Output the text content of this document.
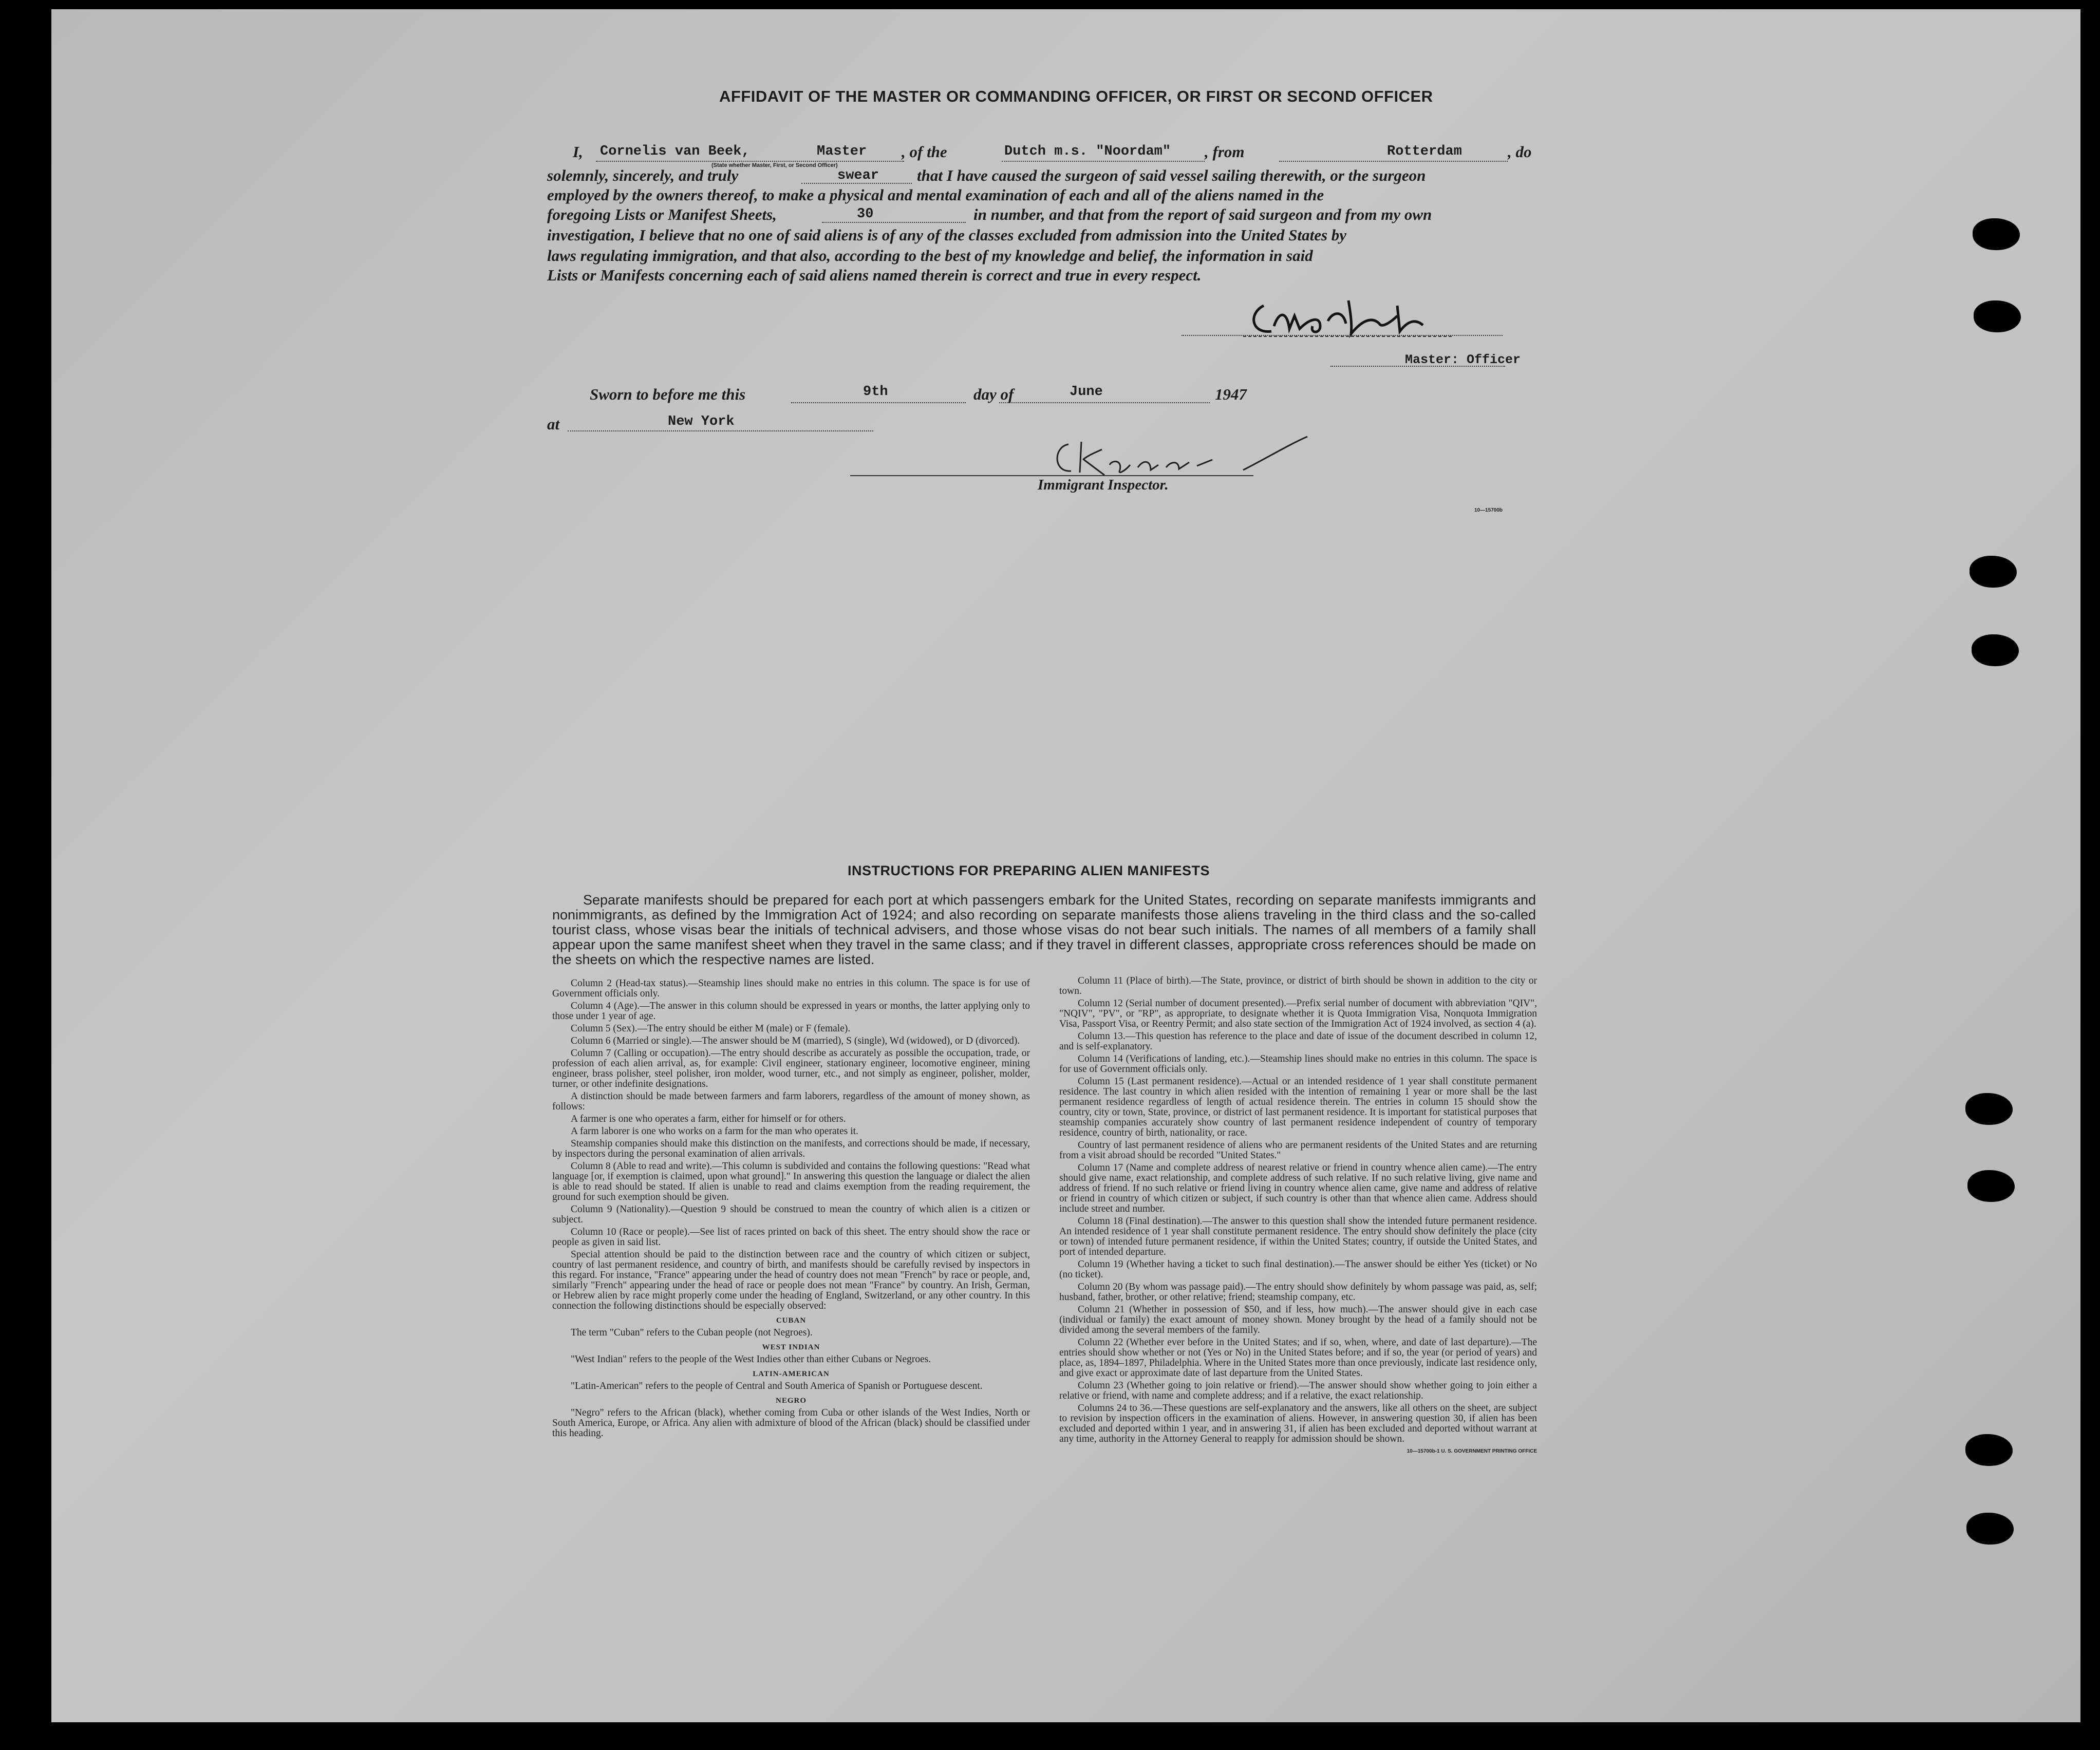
AFFIDAVIT OF THE MASTER OR COMMANDING OFFICER, OR FIRST OR SECOND OFFICER
I, Cornelis van Beek,	Master
(State whether Master, First, or Second Officer)
, of the	Dutch m.s. "Noordam" , from	Rotterdam	, do
solemnly, sincerely, and truly	swear that I have caused the surgeon of said vessel sailing therewith, or the surgeon
employed by the owners thereof, to make a physical and mental examination of each and all of the aliens named in the
foregoing Lists or Manifest Sheets,	30	in number, and that from the report of said surgeon and from my own
investigation, I believe that no one of said aliens is of any of the classes excluded from admission into the United States by
laws regulating immigration, and that also, according to the best of my knowledge and belief, the information in said
Lists or Manifests concerning each of said aliens named therein is correct and true in every respect.
Master: Officer
Sworn to before me this	9th	day of	June	1947
at	New York
Immigrant Inspector.
10—15700b
INSTRUCTIONS FOR PREPARING ALIEN MANIFESTS
Separate manifests should be prepared for each port at which passengers embark for the United States, recording on separate manifests immigrants and nonimmigrants, as defined by the Immigration Act of 1924; and also recording on separate manifests those aliens traveling in the third class and the so-called tourist class, whose visas bear the initials of technical advisers, and those whose visas do not bear such initials. The names of all members of a family shall appear upon the same manifest sheet when they travel in the same class; and if they travel in different classes, appropriate cross references should be made on the sheets on which the respective names are listed.

Column 2 (Head-tax status).—Steamship lines should make no entries in this column. The space is for use of Government officials only.

Column 4 (Age).—The answer in this column should be expressed in years or months, the latter applying only to those under 1 year of age.

Column 5 (Sex).—The entry should be either M (male) or F (female).

Column 6 (Married or single).—The answer should be M (married), S (single), Wd (widowed), or D (divorced).

Column 7 (Calling or occupation).—The entry should describe as accurately as possible the occupation, trade, or profession of each alien arrival, as, for example: Civil engineer, stationary engineer, locomotive engineer, mining engineer, brass polisher, steel polisher, iron molder, wood turner, etc., and not simply as engineer, polisher, molder, turner, or other indefinite designations.

A distinction should be made between farmers and farm laborers, regardless of the amount of money shown, as follows:

A farmer is one who operates a farm, either for himself or for others.

A farm laborer is one who works on a farm for the man who operates it.

Steamship companies should make this distinction on the manifests, and corrections should be made, if necessary, by inspectors during the personal examination of alien arrivals.

Column 8 (Able to read and write).—This column is subdivided and contains the following questions: "Read what language [or, if exemption is claimed, upon what ground]." In answering this question the language or dialect the alien is able to read should be stated. If alien is unable to read and claims exemption from the reading requirement, the ground for such exemption should be given.

Column 9 (Nationality).—Question 9 should be construed to mean the country of which alien is a citizen or subject.

Column 10 (Race or people).—See list of races printed on back of this sheet. The entry should show the race or people as given in said list.

Special attention should be paid to the distinction between race and the country of which citizen or subject, country of last permanent residence, and country of birth, and manifests should be carefully revised by inspectors in this regard. For instance, "France" appearing under the head of country does not mean "French" by race or people, and, similarly "French" appearing under the head of race or people does not mean "France" by country. An Irish, German, or Hebrew alien by race might properly come under the heading of England, Switzerland, or any other country. In this connection the following distinctions should be especially observed:

CUBAN

The term "Cuban" refers to the Cuban people (not Negroes).

WEST INDIAN

"West Indian" refers to the people of the West Indies other than either Cubans or Negroes.

LATIN-AMERICAN

"Latin-American" refers to the people of Central and South America of Spanish or Portuguese descent.

NEGRO

"Negro" refers to the African (black), whether coming from Cuba or other islands of the West Indies, North or South America, Europe, or Africa. Any alien with admixture of blood of the African (black) should be classified under this heading.

Column 11 (Place of birth).—The State, province, or district of birth should be shown in addition to the city or town.

Column 12 (Serial number of document presented).—Prefix serial number of document with abbreviation "QIV", "NQIV", "PV", or "RP", as appropriate, to designate whether it is Quota Immigration Visa, Nonquota Immigration Visa, Passport Visa, or Reentry Permit; and also state section of the Immigration Act of 1924 involved, as section 4 (a).

Column 13.—This question has reference to the place and date of issue of the document described in column 12, and is self-explanatory.

Column 14 (Verifications of landing, etc.).—Steamship lines should make no entries in this column. The space is for use of Government officials only.

Column 15 (Last permanent residence).—Actual or an intended residence of 1 year shall constitute permanent residence. The last country in which alien resided with the intention of remaining 1 year or more shall be the last permanent residence regardless of length of actual residence therein. The entries in column 15 should show the country, city or town, State, province, or district of last permanent residence. It is important for statistical purposes that steamship companies accurately show country of last permanent residence independent of country of temporary residence, country of birth, nationality, or race.

Country of last permanent residence of aliens who are permanent residents of the United States and are returning from a visit abroad should be recorded "United States."

Column 17 (Name and complete address of nearest relative or friend in country whence alien came).—The entry should give name, exact relationship, and complete address of such relative. If no such relative living, give name and address of friend. If no such relative or friend living in country whence alien came, give name and address of relative or friend in country of which citizen or subject, if such country is other than that whence alien came. Address should include street and number.

Column 18 (Final destination).—The answer to this question shall show the intended future permanent residence. An intended residence of 1 year shall constitute permanent residence. The entry should show definitely the place (city or town) of intended future permanent residence, if within the United States; country, if outside the United States, and port of intended departure.

Column 19 (Whether having a ticket to such final destination).—The answer should be either Yes (ticket) or No (no ticket).

Column 20 (By whom was passage paid).—The entry should show definitely by whom passage was paid, as, self; husband, father, brother, or other relative; friend; steamship company, etc.

Column 21 (Whether in possession of $50, and if less, how much).—The answer should give in each case (individual or family) the exact amount of money shown. Money brought by the head of a family should not be divided among the several members of the family.

Column 22 (Whether ever before in the United States; and if so, when, where, and date of last departure).—The entries should show whether or not (Yes or No) in the United States before; and if so, the year (or period of years) and place, as, 1894–1897, Philadelphia. Where in the United States more than once previously, indicate last residence only, and give exact or approximate date of last departure from the United States.

Column 23 (Whether going to join relative or friend).—The answer should show whether going to join either a relative or friend, with name and complete address; and if a relative, the exact relationship.

Columns 24 to 36.—These questions are self-explanatory and the answers, like all others on the sheet, are subject to revision by inspection officers in the examination of aliens. However, in answering question 30, if alien has been excluded and deported within 1 year, and in answering 31, if alien has been excluded and deported without warrant at any time, authority in the Attorney General to reapply for admission should be shown.

10—15700b-1 U. S. GOVERNMENT PRINTING OFFICE
